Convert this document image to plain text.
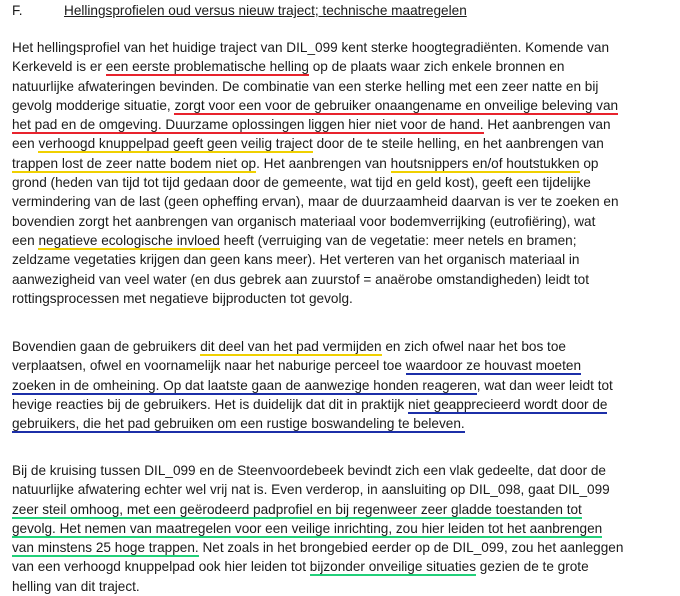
F.	Hellingsprofielen oud versus nieuw traject; technische maatregelen

Het hellingsprofiel van het huidige traject van DIL_099 kent sterke hoogtegradiënten. Komende van
Kerkeveld is er een eerste problematische helling op de plaats waar zich enkele bronnen en
natuurlijke afwateringen bevinden. De combinatie van een sterke helling met een zeer natte en bij
gevolg modderige situatie, zorgt voor een voor de gebruiker onaangename en onveilige beleving van
het pad en de omgeving. Duurzame oplossingen liggen hier niet voor de hand. Het aanbrengen van
een verhoogd knuppelpad geeft geen veilig traject door de te steile helling, en het aanbrengen van
trappen lost de zeer natte bodem niet op. Het aanbrengen van houtsnippers en/of houtstukken op
grond (heden van tijd tot tijd gedaan door de gemeente, wat tijd en geld kost), geeft een tijdelijke
vermindering van de last (geen opheffing ervan), maar de duurzaamheid daarvan is ver te zoeken en
bovendien zorgt het aanbrengen van organisch materiaal voor bodemverrijking (eutrofiëring), wat
een negatieve ecologische invloed heeft (verruiging van de vegetatie: meer netels en bramen;
zeldzame vegetaties krijgen dan geen kans meer). Het verteren van het organisch materiaal in
aanwezigheid van veel water (en dus gebrek aan zuurstof = anaërobe omstandigheden) leidt tot
rottingsprocessen met negatieve bijproducten tot gevolg.

Bovendien gaan de gebruikers dit deel van het pad vermijden en zich ofwel naar het bos toe
verplaatsen, ofwel en voornamelijk naar het naburige perceel toe waardoor ze houvast moeten
zoeken in de omheining. Op dat laatste gaan de aanwezige honden reageren, wat dan weer leidt tot
hevige reacties bij de gebruikers. Het is duidelijk dat dit in praktijk niet geapprecieerd wordt door de
gebruikers, die het pad gebruiken om een rustige boswandeling te beleven.

Bij de kruising tussen DIL_099 en de Steenvoordebeek bevindt zich een vlak gedeelte, dat door de
natuurlijke afwatering echter wel vrij nat is. Even verderop, in aansluiting op DIL_098, gaat DIL_099
zeer steil omhoog, met een geërodeerd padprofiel en bij regenweer zeer gladde toestanden tot
gevolg. Het nemen van maatregelen voor een veilige inrichting, zou hier leiden tot het aanbrengen
van minstens 25 hoge trappen. Net zoals in het brongebied eerder op de DIL_099, zou het aanleggen
van een verhoogd knuppelpad ook hier leiden tot bijzonder onveilige situaties gezien de te grote
helling van dit traject.
